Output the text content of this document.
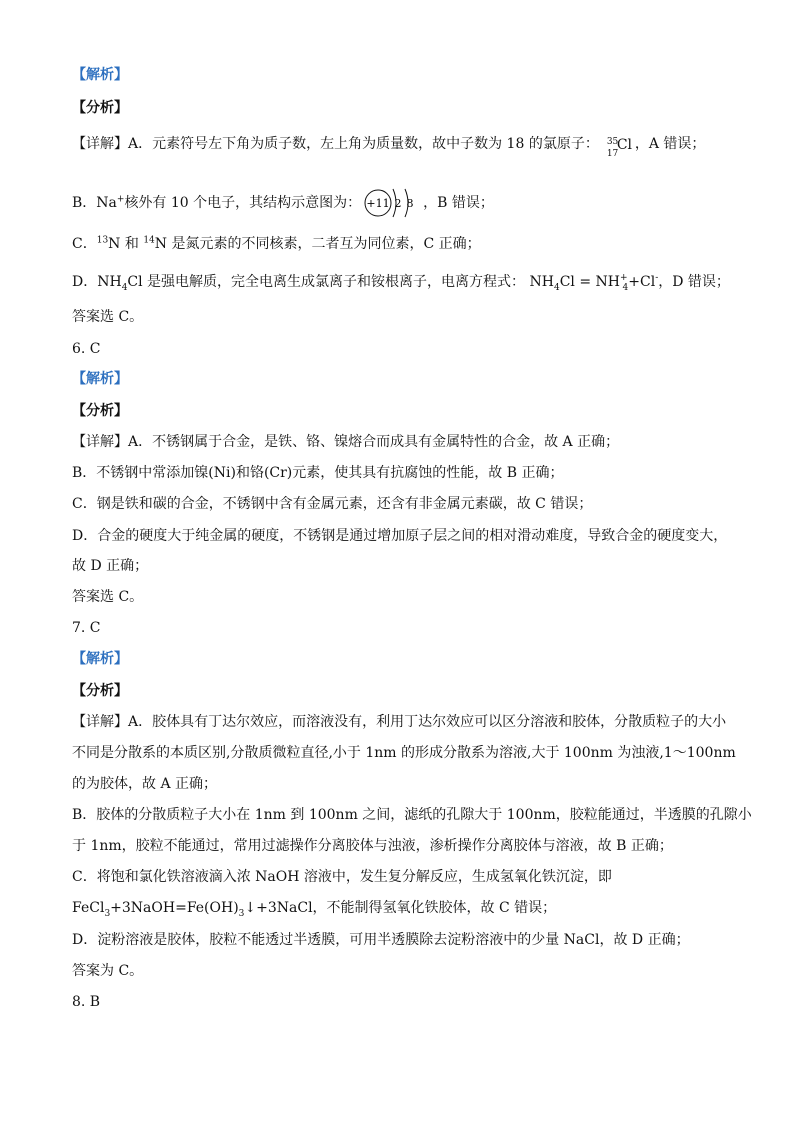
【解析】
【分析】
【详解】A．元素符号左下角为质子数，左上角为质量数，故中子数为 18 的氯原子： 35
17
Cl ，A 错误；
B．Na+核外有 10 个电子，其结构示意图为： +11 2 8 ，B 错误；
C．$^{13}$N 和 $^{14}$N 是氮元素的不同核素，二者互为同位素，C 正确；
D．$NH_4Cl$ 是强电解质，完全电离生成氯离子和铵根离子，电离方程式： $NH_4Cl = NH^+_4+Cl^-$，D 错误；
答案选 C。
6. C
【解析】
【分析】
【详解】A．不锈钢属于合金，是铁、铬、镍熔合而成具有金属特性的合金，故 A 正确；
B．不锈钢中常添加镍(Ni)和铬(Cr)元素，使其具有抗腐蚀的性能，故 B 正确；
C．钢是铁和碳的合金，不锈钢中含有金属元素，还含有非金属元素碳，故 C 错误；
D．合金的硬度大于纯金属的硬度，不锈钢是通过增加原子层之间的相对滑动难度，导致合金的硬度变大，
故 D 正确；
答案选 C。
7. C
【解析】
【分析】
【详解】A．胶体具有丁达尔效应，而溶液没有，利用丁达尔效应可以区分溶液和胶体，分散质粒子的大小
不同是分散系的本质区别,分散质微粒直径,小于 1nm 的形成分散系为溶液,大于 100nm 为浊液,1～100nm
的为胶体，故 A 正确；
B．胶体的分散质粒子大小在 1nm 到 100nm 之间，滤纸的孔隙大于 100nm，胶粒能通过，半透膜的孔隙小
于 1nm，胶粒不能通过，常用过滤操作分离胶体与浊液，渗析操作分离胶体与溶液，故 B 正确；
C．将饱和氯化铁溶液滴入浓 NaOH 溶液中，发生复分解反应，生成氢氧化铁沉淀，即
$FeCl_3+3NaOH=Fe(OH)_3↓+3NaCl$，不能制得氢氧化铁胶体，故 C 错误；
D．淀粉溶液是胶体，胶粒不能透过半透膜，可用半透膜除去淀粉溶液中的少量 NaCl，故 D 正确；
答案为 C。
8. B
